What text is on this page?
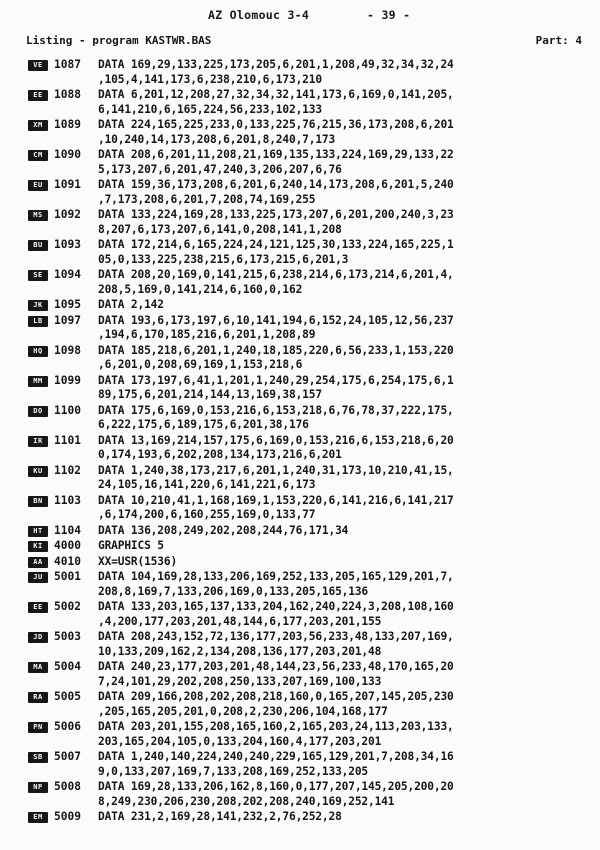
AZ Olomouc 3-4	- 39 -
Listing - program KASTWR.BAS	Part: 4
VE	1087 DATA 169,29,133,225,173,205,6,201,1,208,49,32,34,32,24
,105,4,141,173,6,238,210,6,173,210
EE	1088 DATA 6,201,12,208,27,32,34,32,141,173,6,169,0,141,205,
6,141,210,6,165,224,56,233,102,133
XM	1089 DATA 224,165,225,233,0,133,225,76,215,36,173,208,6,201
,10,240,14,173,208,6,201,8,240,7,173
CM	1090 DATA 208,6,201,11,208,21,169,135,133,224,169,29,133,22
5,173,207,6,201,47,240,3,206,207,6,76
EU	1091 DATA 159,36,173,208,6,201,6,240,14,173,208,6,201,5,240
,7,173,208,6,201,7,208,74,169,255
MS	1092 DATA 133,224,169,28,133,225,173,207,6,201,200,240,3,23
8,207,6,173,207,6,141,0,208,141,1,208
BU	1093 DATA 172,214,6,165,224,24,121,125,30,133,224,165,225,1
05,0,133,225,238,215,6,173,215,6,201,3
SE	1094 DATA 208,20,169,0,141,215,6,238,214,6,173,214,6,201,4,
208,5,169,0,141,214,6,160,0,162
JK	1095 DATA 2,142
LB	1097 DATA 193,6,173,197,6,10,141,194,6,152,24,105,12,56,237
,194,6,170,185,216,6,201,1,208,89
HQ	1098 DATA 185,218,6,201,1,240,18,185,220,6,56,233,1,153,220
,6,201,0,208,69,169,1,153,218,6
MM	1099 DATA 173,197,6,41,1,201,1,240,29,254,175,6,254,175,6,1
89,175,6,201,214,144,13,169,38,157
DO	1100 DATA 175,6,169,0,153,216,6,153,218,6,76,78,37,222,175,
6,222,175,6,189,175,6,201,38,176
IR	1101 DATA 13,169,214,157,175,6,169,0,153,216,6,153,218,6,20
0,174,193,6,202,208,134,173,216,6,201
KU	1102 DATA 1,240,38,173,217,6,201,1,240,31,173,10,210,41,15,
24,105,16,141,220,6,141,221,6,173
BN	1103 DATA 10,210,41,1,168,169,1,153,220,6,141,216,6,141,217
,6,174,200,6,160,255,169,0,133,77
HT	1104 DATA 136,208,249,202,208,244,76,171,34
KI	4000 GRAPHICS 5
AA	4010 XX=USR(1536)
JU	5001 DATA 104,169,28,133,206,169,252,133,205,165,129,201,7,
208,8,169,7,133,206,169,0,133,205,165,136
EE	5002 DATA 133,203,165,137,133,204,162,240,224,3,208,108,160
,4,200,177,203,201,48,144,6,177,203,201,155
JD	5003 DATA 208,243,152,72,136,177,203,56,233,48,133,207,169,
10,133,209,162,2,134,208,136,177,203,201,48
MA	5004 DATA 240,23,177,203,201,48,144,23,56,233,48,170,165,20
7,24,101,29,202,208,250,133,207,169,100,133
RA	5005 DATA 209,166,208,202,208,218,160,0,165,207,145,205,230
,205,165,205,201,0,208,2,230,206,104,168,177
PN	5006 DATA 203,201,155,208,165,160,2,165,203,24,113,203,133,
203,165,204,105,0,133,204,160,4,177,203,201
SB	5007 DATA 1,240,140,224,240,240,229,165,129,201,7,208,34,16
9,0,133,207,169,7,133,208,169,252,133,205
NP	5008 DATA 169,28,133,206,162,8,160,0,177,207,145,205,200,20
8,249,230,206,230,208,202,208,240,169,252,141
EM	5009 DATA 231,2,169,28,141,232,2,76,252,28
